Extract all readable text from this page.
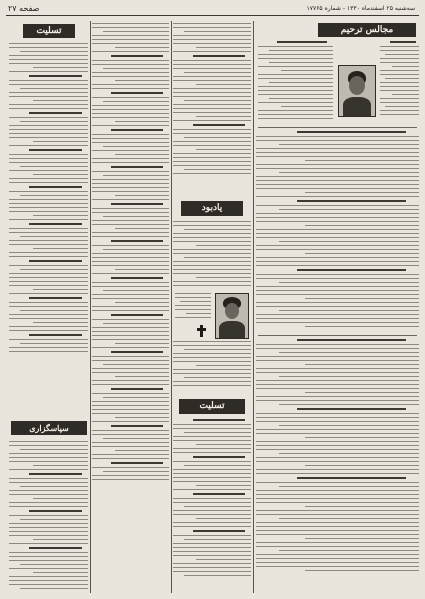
صفحه ۲۷	سه‌شنبه ۲۵ اسفندماه ۱۳۳۰ - شماره ۱۷۷۶۵
مجالس ترحیم
یادبود
تسلیت
تسلیت
سپاسگزاری
